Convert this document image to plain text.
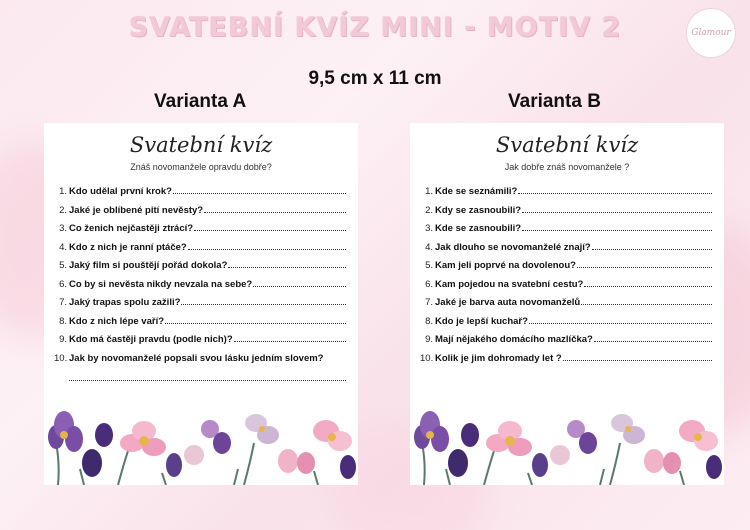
SVATEBNÍ KVÍZ MINI - MOTIV 2	Glamour
9,5 cm x 11 cm
Varianta A	Varianta B
Svatební kvíz
Znáš novomanžele opravdu dobře?
1. Kdo udělal první krok?
2. Jaké je oblíbené pití nevěsty?
3. Co ženich nejčastěji ztrácí?
4. Kdo z nich je ranní ptáče?
5. Jaký film si pouštějí pořád dokola?
6. Co by si nevěsta nikdy nevzala na sebe?
7. Jaký trapas spolu zažili?
8. Kdo z nich lépe vaří?
9. Kdo má častěji pravdu (podle nich)?
10. Jak by novomanželé popsali svou lásku jedním slovem?
Svatební kvíz
Jak dobře znáš novomanžele ?
1. Kde se seznámili?
2. Kdy se zasnoubili?
3. Kde se zasnoubili?
4. Jak dlouho se novomanželé znají?
5. Kam jeli poprvé na dovolenou?
6. Kam pojedou na svatební cestu?
7. Jaké je barva auta novomanželů
8. Kdo je lepší kuchař?
9. Mají nějakého domácího mazlíčka?
10. Kolik je jim dohromady let ?
